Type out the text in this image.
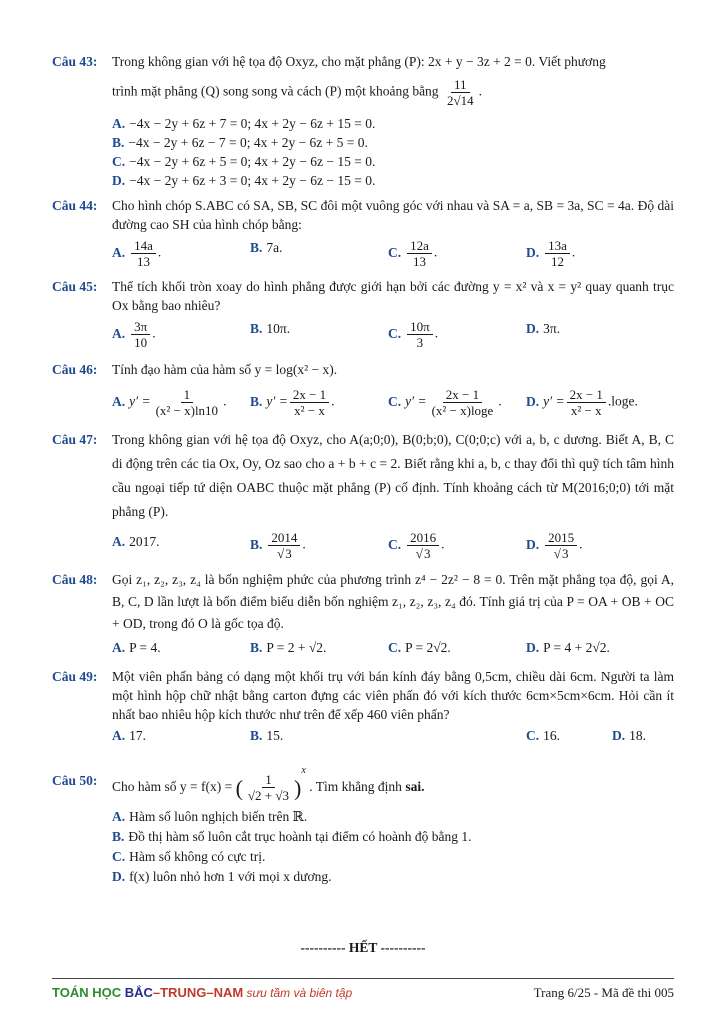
Câu 43: Trong không gian với hệ tọa độ Oxyz, cho mặt phẳng (P): 2x + y − 3z + 2 = 0. Viết phương
trình mặt phẳng (Q) song song và cách (P) một khoảng bằng $\frac{11}{2√14}$ .
A. −4x − 2y + 6z + 7 = 0; 4x + 2y − 6z + 15 = 0.
B. −4x − 2y + 6z − 7 = 0; 4x + 2y − 6z + 5 = 0.
C. −4x − 2y + 6z + 5 = 0; 4x + 2y − 6z − 15 = 0.
D. −4x − 2y + 6z + 3 = 0; 4x + 2y − 6z − 15 = 0.
Câu 44: Cho hình chóp S.ABC có SA, SB, SC đôi một vuông góc với nhau và SA = a, SB = 3a, SC = 4a. Độ dài đường cao SH của hình chóp bằng:
A. $\frac{14a}{13}$ .	B. 7a.	C. $\frac{12a}{13}$ .	D. $\frac{13a}{12}$ .
Câu 45: Thể tích khối tròn xoay do hình phẳng được giới hạn bởi các đường y = x² và x = y² quay quanh trục Ox bằng bao nhiêu?
A. $\frac{3\pi}{10}$ .	B. 10π.	C. $\frac{10\pi}{3}$ .	D. 3π.
Câu 46: Tính đạo hàm của hàm số y = log(x² − x).
A. $y' = \frac{1}{\text{(x² − x)ln10}}$ .	B. $y' = \frac{2x - 1}{\text{x² − x}}$ .	C. $y' = \frac{2x - 1}{\text{(x² − x)loge}}$ .	D. $y' = \frac{2x - 1}{\text{x² − x}} .\log e$.
Câu 47: Trong không gian với hệ tọa độ Oxyz, cho A(a;0;0), B(0;b;0), C(0;0;c) với a, b, c dương. Biết A, B, C di động trên các tia Ox, Oy, Oz sao cho a + b + c = 2. Biết rằng khi a, b, c thay đổi thì quỹ tích tâm hình cầu ngoại tiếp tứ diện OABC thuộc mặt phẳng (P) cố định. Tính khoảng cách từ M(2016;0;0) tới mặt phẳng (P).
A. 2017.	B. $\frac{2014}{√3}$ .	C. $\frac{2016}{√3}$ .	D. $\frac{2015}{√3}$ .
Câu 48: Gọi z₁, z₂, z₃, z₄ là bốn nghiệm phức của phương trình z⁴ − 2z² − 8 = 0. Trên mặt phẳng tọa độ, gọi A, B, C, D lần lượt là bốn điểm biểu diễn bốn nghiệm z₁, z₂, z₃, z₄ đó. Tính giá trị của P = OA + OB + OC + OD, trong đó O là gốc tọa độ.
A. P = 4.	B. P = 2 + √2.	C. P = 2√2.	D. P = 4 + 2√2.
Câu 49: Một viên phấn bảng có dạng một khối trụ với bán kính đáy bằng 0,5cm, chiều dài 6cm. Người ta làm một hình hộp chữ nhật bằng carton đựng các viên phấn đó với kích thước 6cm×5cm×6cm. Hỏi cần ít nhất bao nhiêu hộp kích thước như trên để xếp 460 viên phấn?
A. 17.	B. 15.	C. 16.	D. 18.
Câu 50: Cho hàm số y = f(x) = ( $\frac{1}{√2 + √3} )^x$ . Tìm khẳng định sai.
A. Hàm số luôn nghịch biến trên ℝ.
B. Đồ thị hàm số luôn cắt trục hoành tại điểm có hoành độ bằng 1.
C. Hàm số không có cực trị.
D. f(x) luôn nhỏ hơn 1 với mọi x dương.
---------- HẾT ----------
TOÁN HỌC BẮC–TRUNG–NAM sưu tầm và biên tập	Trang 6/25 - Mã đề thi 005
